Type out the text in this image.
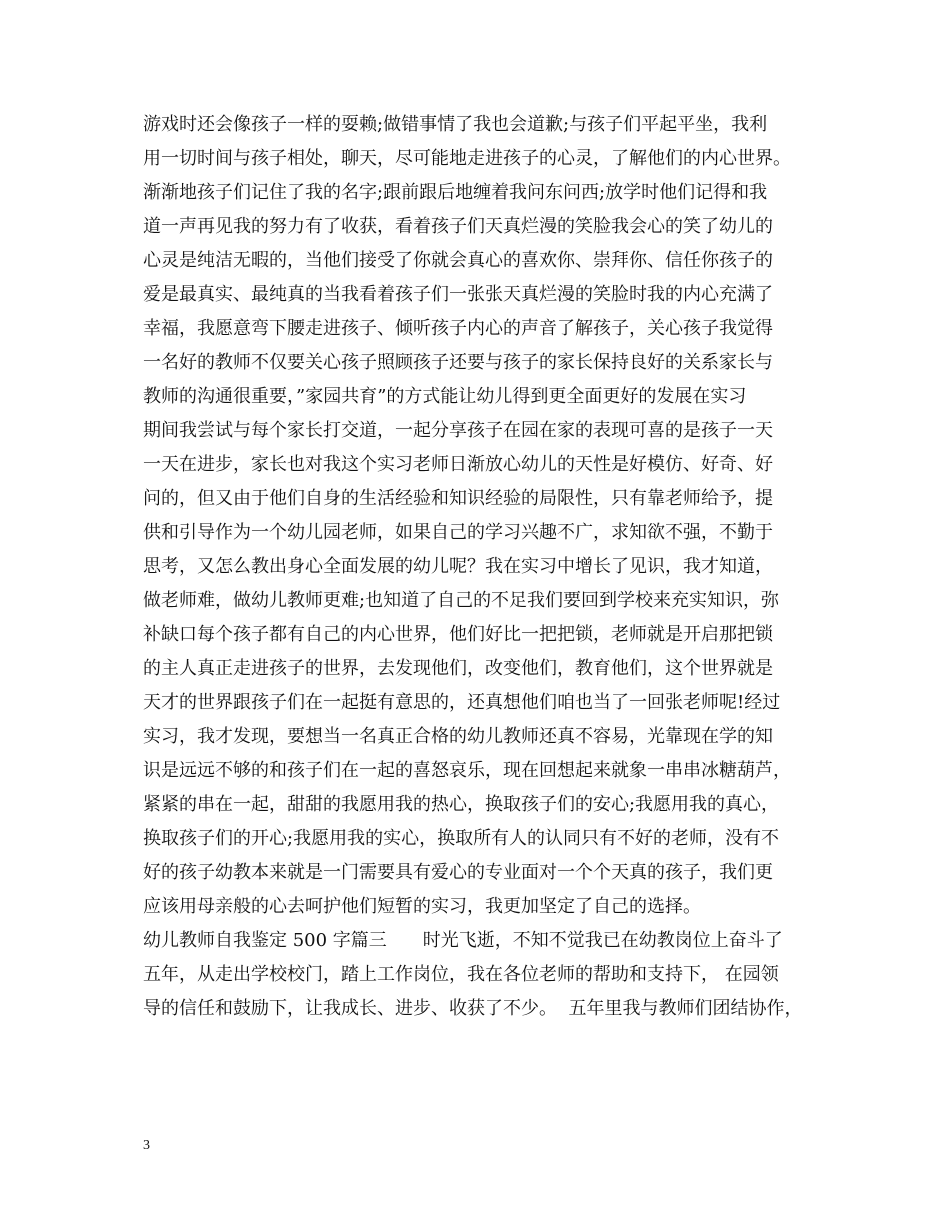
游戏时还会像孩子一样的耍赖;做错事情了我也会道歉;与孩子们平起平坐，我利
用一切时间与孩子相处，聊天，尽可能地走进孩子的心灵，了解他们的内心世界。
渐渐地孩子们记住了我的名字;跟前跟后地缠着我问东问西;放学时他们记得和我
道一声再见我的努力有了收获，看着孩子们天真烂漫的笑脸我会心的笑了幼儿的
心灵是纯洁无暇的，当他们接受了你就会真心的喜欢你、崇拜你、信任你孩子的
爱是最真实、最纯真的当我看着孩子们一张张天真烂漫的笑脸时我的内心充满了
幸福，我愿意弯下腰走进孩子、倾听孩子内心的声音了解孩子，关心孩子我觉得
一名好的教师不仅要关心孩子照顾孩子还要与孩子的家长保持良好的关系家长与
教师的沟通很重要，”家园共育”的方式能让幼儿得到更全面更好的发展在实习
期间我尝试与每个家长打交道，一起分享孩子在园在家的表现可喜的是孩子一天
一天在进步，家长也对我这个实习老师日渐放心幼儿的天性是好模仿、好奇、好
问的，但又由于他们自身的生活经验和知识经验的局限性，只有靠老师给予，提
供和引导作为一个幼儿园老师，如果自己的学习兴趣不广，求知欲不强，不勤于
思考，又怎么教出身心全面发展的幼儿呢？我在实习中增长了见识，我才知道，
做老师难，做幼儿教师更难;也知道了自己的不足我们要回到学校来充实知识，弥
补缺口每个孩子都有自己的内心世界，他们好比一把把锁，老师就是开启那把锁
的主人真正走进孩子的世界，去发现他们，改变他们，教育他们，这个世界就是
天才的世界跟孩子们在一起挺有意思的，还真想他们咱也当了一回张老师呢!经过
实习，我才发现，要想当一名真正合格的幼儿教师还真不容易，光靠现在学的知
识是远远不够的和孩子们在一起的喜怒哀乐，现在回想起来就象一串串冰糖葫芦，
紧紧的串在一起，甜甜的我愿用我的热心，换取孩子们的安心;我愿用我的真心，
换取孩子们的开心;我愿用我的实心，换取所有人的认同只有不好的老师，没有不
好的孩子幼教本来就是一门需要具有爱心的专业面对一个个天真的孩子，我们更
应该用母亲般的心去呵护他们短暂的实习，我更加坚定了自己的选择。
幼儿教师自我鉴定 500 字篇三　　时光飞逝，不知不觉我已在幼教岗位上奋斗了
五年，从走出学校校门，踏上工作岗位，我在各位老师的帮助和支持下， 在园领
导的信任和鼓励下，让我成长、进步、收获了不少。  五年里我与教师们团结协作，
3
